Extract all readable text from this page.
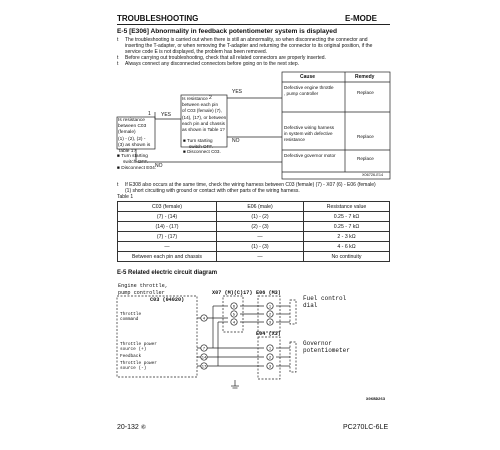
TROUBLESHOOTING	E-MODE
E-5 [E306] Abnormality in feedback potentiometer system is displayed
t The troubleshooting is carried out when there is still an abnormality, so when disconnecting the connector and
inserting the T-adapter, or when removing the T-adapter and returning the connector to its original position, if the
service code E is not displayed, the problem has been removed.
t Before carrying out troubleshooting, check that all related connectors are properly inserted.
t Always connect any disconnected connectors before going on to the next step.
Cause	Remedy
YES
2
YES
1
NO
NO
Is resistance
between C03 (female)
(1) - (2), (2) -
(3) as shown is
Table 1?
■ Turn starting
switch OFF.
■ Disconnect E04.
Is resistance
between each pin
of C03 (female) (7),
(14), (17), or between
each pin and chassis
as shown in Table 1?
■ Turn starting
switch OFF.
■ Disconnect C03.
Defective engine throttle
, pump controller	Replace
Defective wiring harness
in system with defective
resistance
Replace
Defective governor motor
Replace
X06726-E14
t If E308 also occurs at the same time, check the wiring harness between C03 (female) (7) - X07 (6) - E06 (female)
(1) short circuiting with ground or contact with other parts of the wiring harness.
Table 1
C03 (female)	E06 (male)	Resistance value
(7) - (14)	(1) - (2)	0.25 - 7 kΩ
(14) - (17)	(2) - (3)	0.25 - 7 kΩ
(7) - (17)	—	2 - 3 kΩ
—	(1) - (3)	4 - 6 kΩ
Between each pin and chassis	—	No continuity
E-5 Related electric circuit diagram
4
7
14
17
6
5
4
1
2
3
1
2
3
Engine throttle,
pump controller
C03 (04020)
X07 (M)(C)17) E06 (M3)
E04 (X3)
Fuel control
dial
Governor
potentiometer
Throttle
command
Throttle power
source (+)
Feedback
Throttle power
source (-)
X06BD263
20-132 ⑥	PC270LC-6LE
